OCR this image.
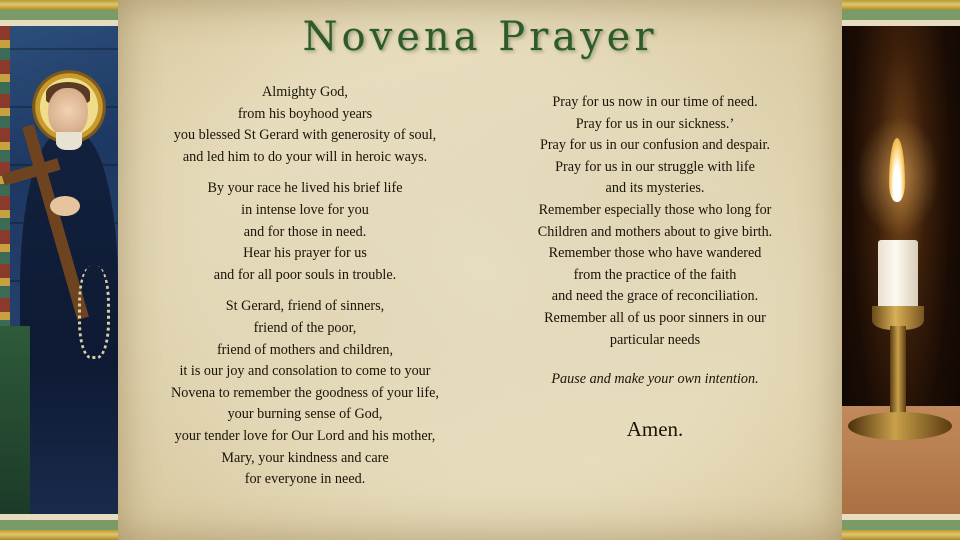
Novena Prayer
Almighty God,
from his boyhood years
you blessed St Gerard with generosity of soul,
and led him to do your will in heroic ways.
By your race he lived his brief life
in intense love for you
and for those in need.
Hear his prayer for us
and for all poor souls in trouble.
St Gerard, friend of sinners,
friend of the poor,
friend of mothers and children,
it is our joy and consolation to come to your
Novena to remember the goodness of your life,
your burning sense of God,
your tender love for Our Lord and his mother,
Mary, your kindness and care
for everyone in need.
Pray for us now in our time of need.
Pray for us in our sickness.’
Pray for us in our confusion and despair.
Pray for us in our struggle with life
and its mysteries.
Remember especially those who long for
Children and mothers about to give birth.
Remember those who have wandered
from the practice of the faith
and need the grace of reconciliation.
Remember all of us poor sinners in our
particular needs
Pause and make your own intention.
Amen.
